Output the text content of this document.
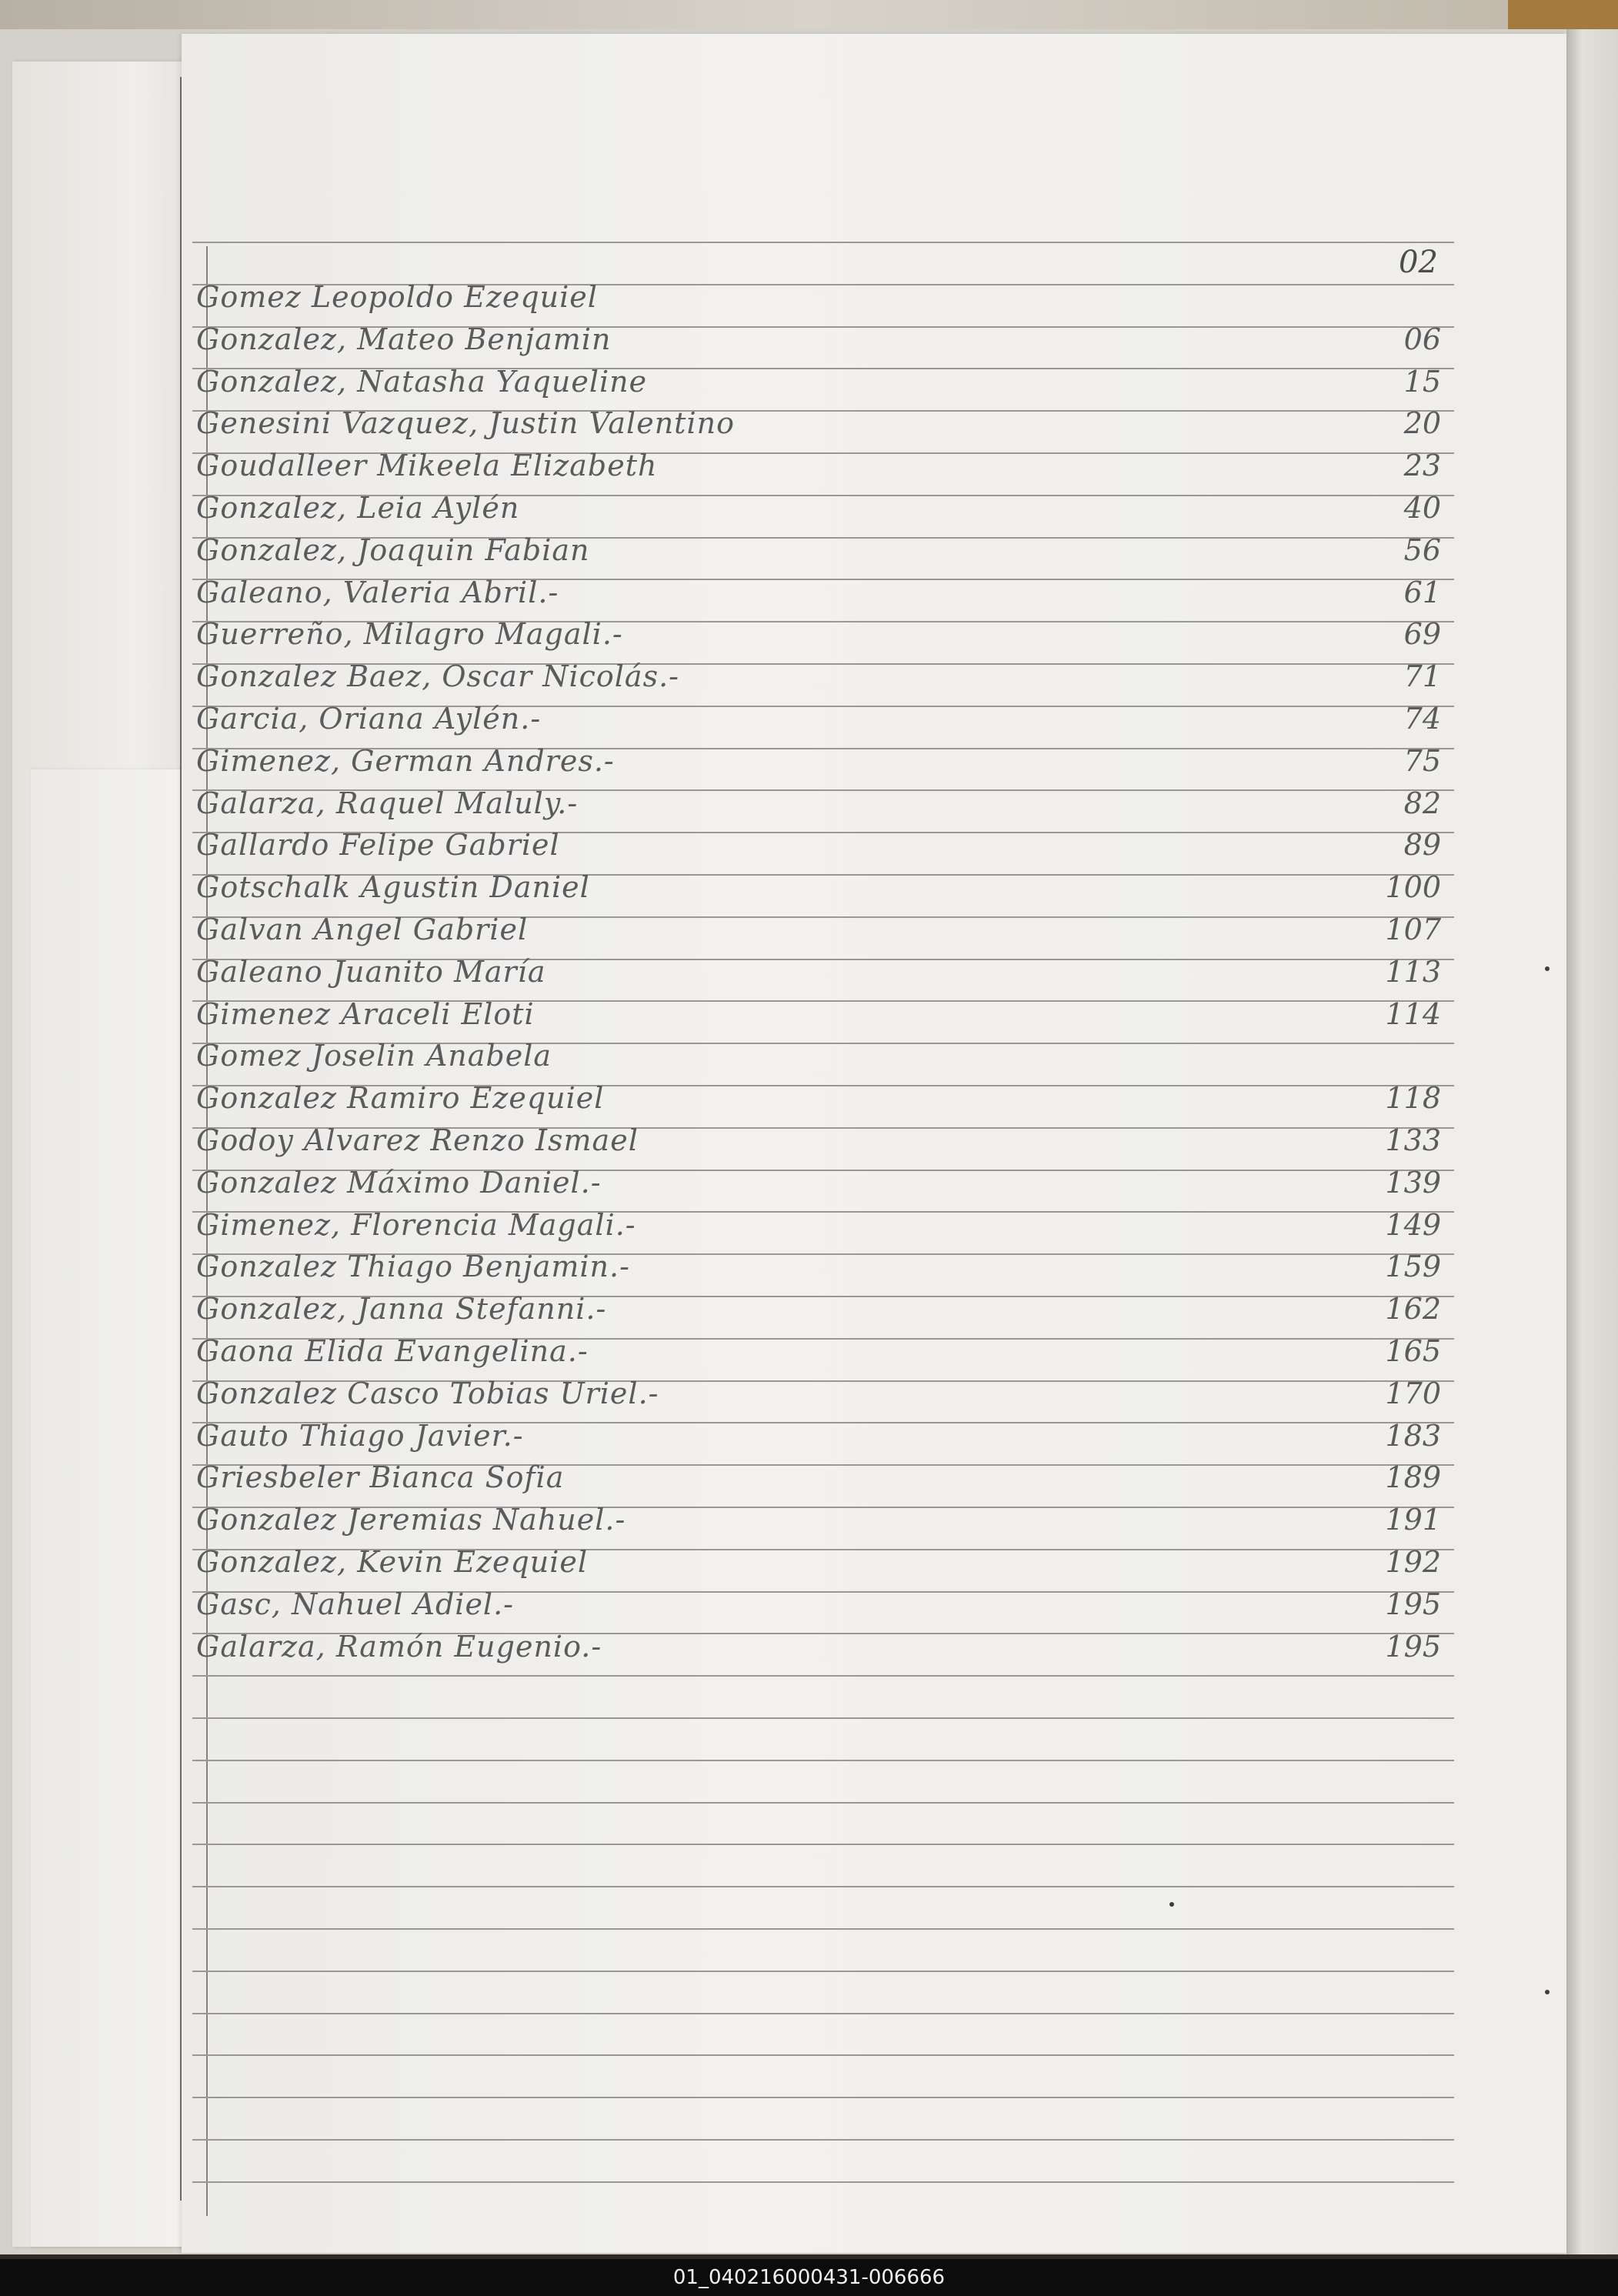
02
Gomez Leopoldo Ezequiel
Gonzalez, Mateo Benjamin	06
Gonzalez, Natasha Yaqueline	15
Genesini Vazquez, Justin Valentino	20
Goudalleer Mikeela Elizabeth	23
Gonzalez, Leia Aylén	40
Gonzalez, Joaquin Fabian	56
Galeano, Valeria Abril.-	61
Guerreño, Milagro Magali.-	69
Gonzalez Baez, Oscar Nicolás.-	71
Garcia, Oriana Aylén.-	74
Gimenez, German Andres.-	75
Galarza, Raquel Maluly.-	82
Gallardo Felipe Gabriel	89
Gotschalk Agustin Daniel	100
Galvan Angel Gabriel	107
Galeano Juanito María	113
Gimenez Araceli Eloti	114
Gomez Joselin Anabela
Gonzalez Ramiro Ezequiel	118
Godoy Alvarez Renzo Ismael	133
Gonzalez Máximo Daniel.-	139
Gimenez, Florencia Magali.-	149
Gonzalez Thiago Benjamin.-	159
Gonzalez, Janna Stefanni.-	162
Gaona Elida Evangelina.-	165
Gonzalez Casco Tobias Uriel.-	170
Gauto Thiago Javier.-	183
Griesbeler Bianca Sofia	189
Gonzalez Jeremias Nahuel.-	191
Gonzalez, Kevin Ezequiel	192
Gasc, Nahuel Adiel.-	195
Galarza, Ramón Eugenio.-	195
01_040216000431-006666
